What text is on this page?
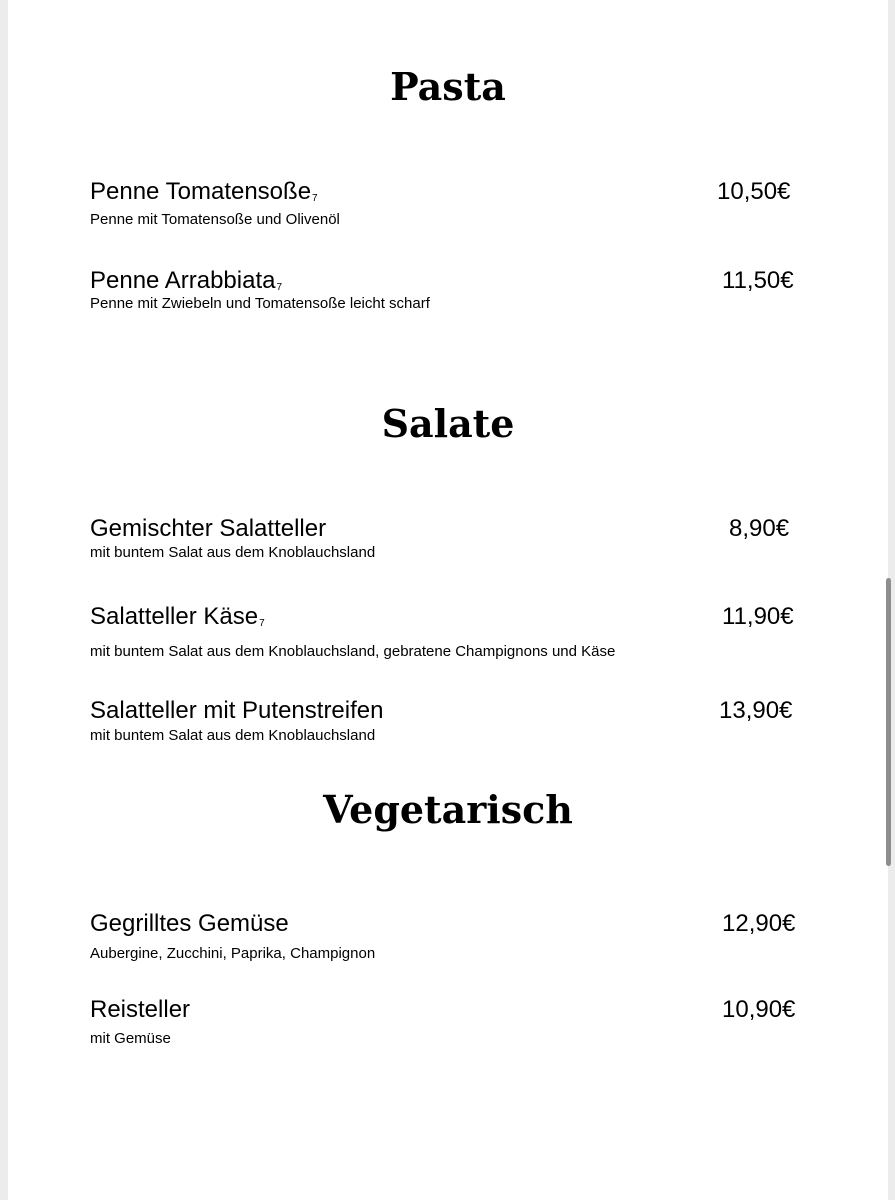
Pasta
Penne Tomatensoße$_7$
Penne mit Tomatensoße und Olivenöl
10,50€
Penne Arrabbiata$_7$
Penne mit Zwiebeln und Tomatensoße leicht scharf
11,50€
Salate
Gemischter Salatteller
mit buntem Salat aus dem Knoblauchsland
8,90€
Salatteller Käse$_7$
mit buntem Salat aus dem Knoblauchsland, gebratene Champignons und Käse
11,90€
Salatteller mit Putenstreifen
mit buntem Salat aus dem Knoblauchsland
13,90€
Vegetarisch
Gegrilltes Gemüse
Aubergine, Zucchini, Paprika, Champignon
12,90€
Reisteller
mit Gemüse
10,90€
